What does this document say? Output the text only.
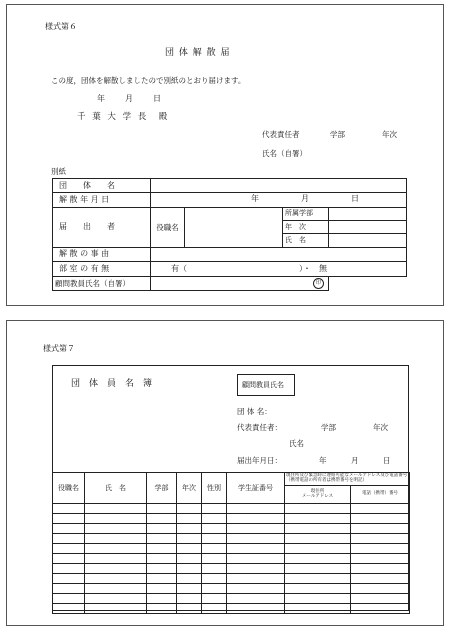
様式第６
団 体 解 散 届
この度，団体を解散しましたので別紙のとおり届けます。
年　月　日
千 葉 大 学 長　殿
代表責任者	学部	年次
氏名（自署）
別紙
団　　体　　名				
解 散 年 月 日	年 月 日			

届　　出　　者	役職名		所属学部	
			年　次	
			氏　名	
解 散 の 事 由				
部 室 の 有 無	有（　　　　　　　　　　　　　　）・　無			
顧問教員氏名（自署）	印			
様式第７
団　体　員　名　簿	顧問教員氏名
団 体 名：
代表責任者：	学部	年次
氏名
届出年月日：	年	月	日
役職名	氏　名	学部	年次	性別	学生証番号	現住所及び緊急時に連絡可能なメールアドレス及び電話番号（携帯電話の所有者は携帯番号を明記）	
						現住所
メールアドレス	電話（携帯）番号
